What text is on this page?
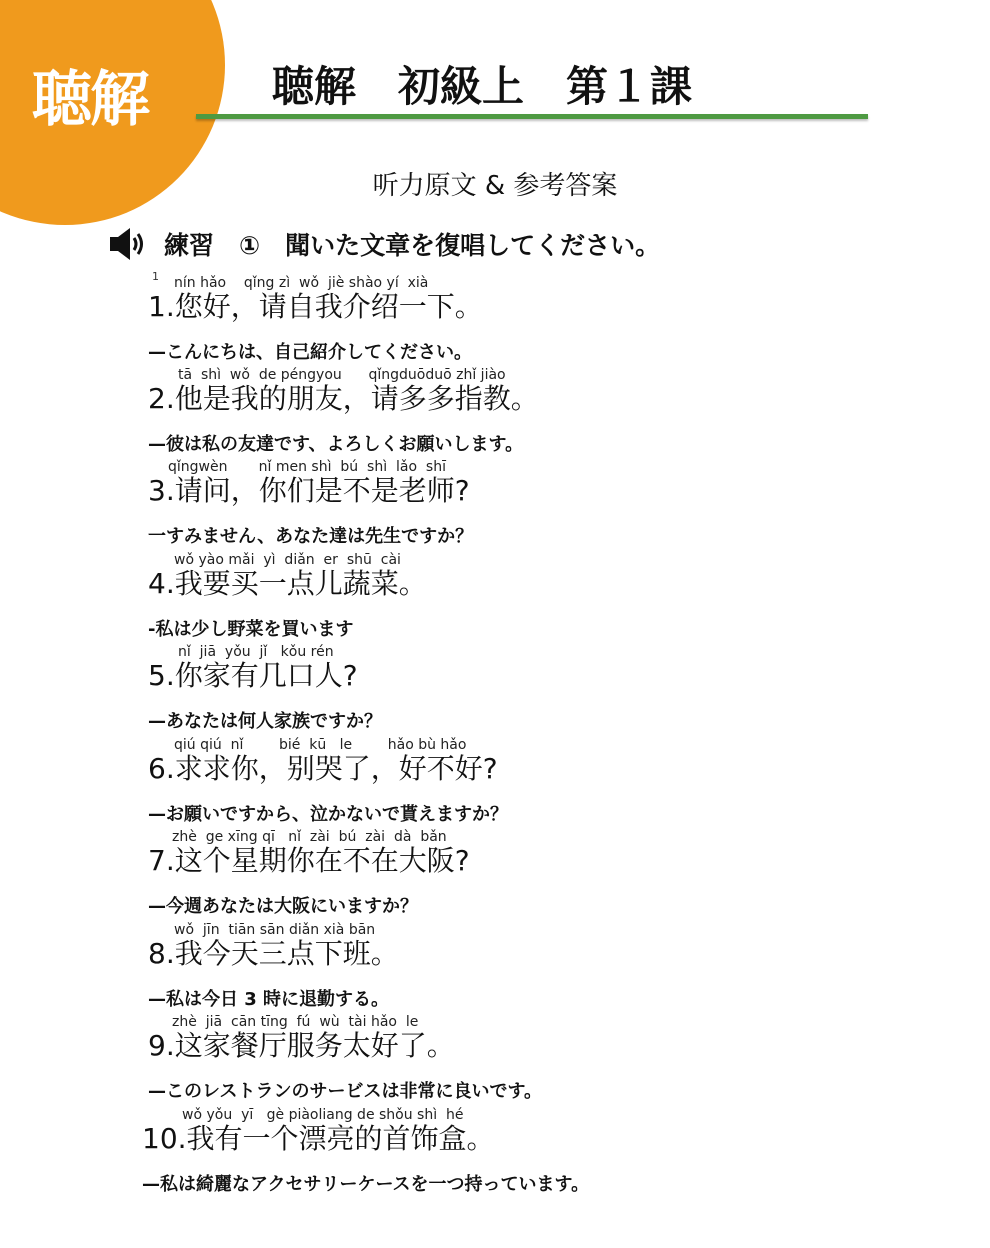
聴解	聴解　初級上　第１課
听力原文 & 参考答案
練習　①　聞いた文章を復唱してください。
1 nín hǎo    qǐng zì  wǒ  jiè shào yí  xià
1.您好，请自我介绍一下。
—こんにちは、自己紹介してください。
tā  shì  wǒ  de péngyou      qǐngduōduō zhǐ jiào
2.他是我的朋友，请多多指教。
—彼は私の友達です、よろしくお願いします。
qǐngwèn       nǐ men shì  bú  shì  lǎo  shī
3.请问，你们是不是老师?
一すみません、あなた達は先生ですか？
wǒ yào mǎi  yì  diǎn  er  shū  cài
4.我要买一点儿蔬菜。
-私は少し野菜を買います
nǐ  jiā  yǒu  jǐ   kǒu rén
5.你家有几口人?
—あなたは何人家族ですか？
qiú qiú  nǐ        bié  kū   le        hǎo bù hǎo
6.求求你，别哭了，好不好?
—お願いですから、泣かないで貰えますか？
zhè  ge xīng qī   nǐ  zài  bú  zài  dà  bǎn
7.这个星期你在不在大阪?
—今週あなたは大阪にいますか？
wǒ  jīn  tiān sān diǎn xià bān
8.我今天三点下班。
—私は今日 3 時に退勤する。
zhè  jiā  cān tīng  fú  wù  tài hǎo  le
9.这家餐厅服务太好了。
—このレストランのサービスは非常に良いです。
wǒ yǒu  yī   gè piàoliang de shǒu shì  hé
10.我有一个漂亮的首饰盒。
—私は綺麗なアクセサリーケースを一つ持っています。
